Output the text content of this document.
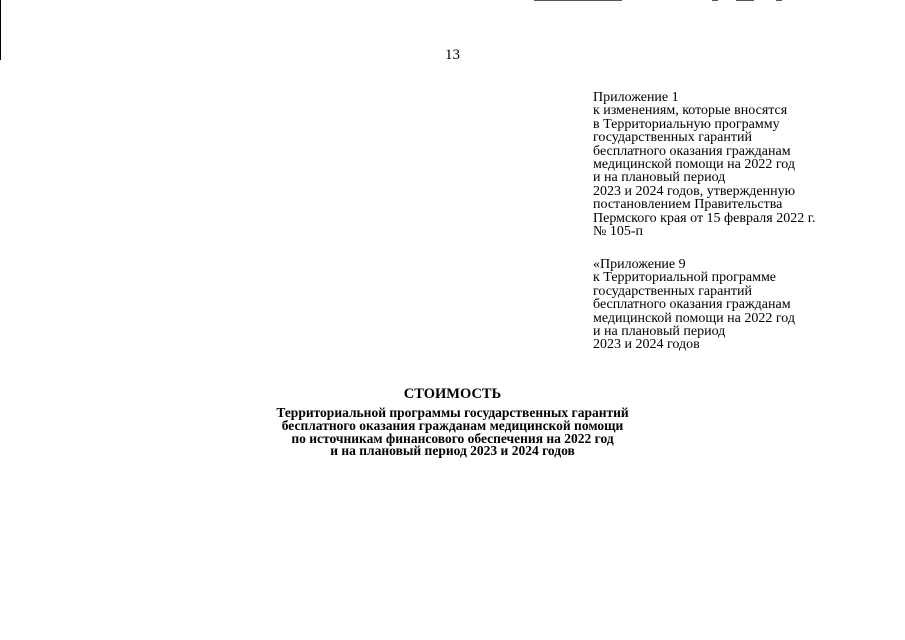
13
Приложение 1
к изменениям, которые вносятся
в Территориальную программу
государственных гарантий
бесплатного оказания гражданам
медицинской помощи на 2022 год
и на плановый период
2023 и 2024 годов, утвержденную
постановлением Правительства
Пермского края от 15 февраля 2022 г.
№ 105-п
«Приложение 9
к Территориальной программе
государственных гарантий
бесплатного оказания гражданам
медицинской помощи на 2022 год
и на плановый период
2023 и 2024 годов
СТОИМОСТЬ
Территориальной программы государственных гарантий
бесплатного оказания гражданам медицинской помощи
по источникам финансового обеспечения на 2022 год
и на плановый период 2023 и 2024 годов
